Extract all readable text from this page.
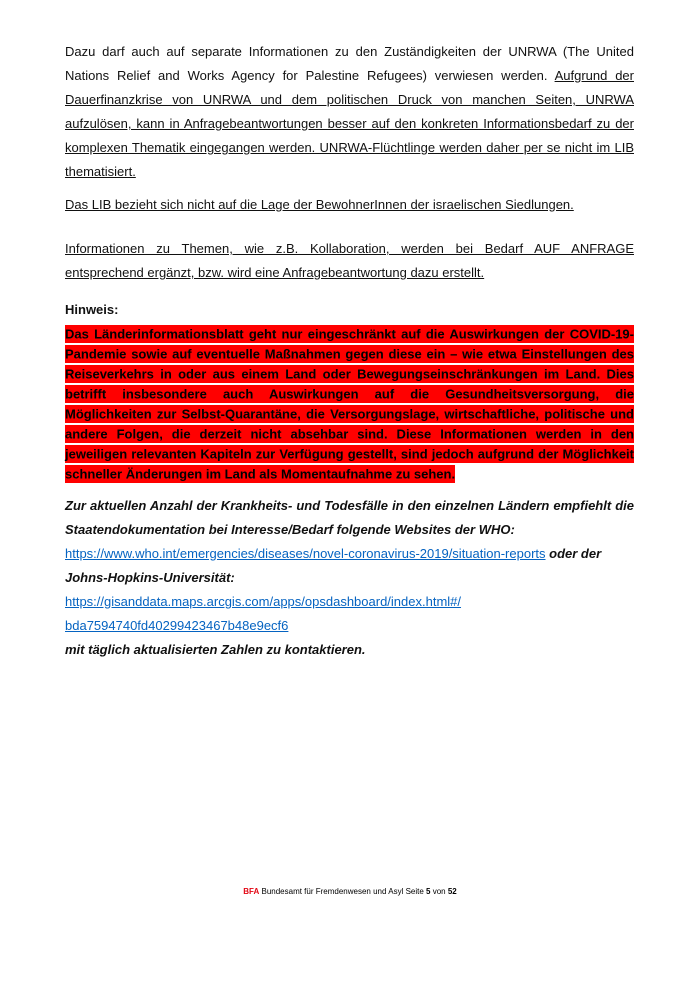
Dazu darf auch auf separate Informationen zu den Zuständigkeiten der UNRWA (The United Nations Relief and Works Agency for Palestine Refugees) verwiesen werden. Aufgrund der Dauerfinanzkrise von UNRWA und dem politischen Druck von manchen Seiten, UNRWA aufzulösen, kann in Anfragebeantwortungen besser auf den konkreten Informationsbedarf zu der komplexen Thematik eingegangen werden. UNRWA-Flüchtlinge werden daher per se nicht im LIB thematisiert.

Das LIB bezieht sich nicht auf die Lage der BewohnerInnen der israelischen Siedlungen.

Informationen zu Themen, wie z.B. Kollaboration, werden bei Bedarf AUF ANFRAGE entsprechend ergänzt, bzw. wird eine Anfragebeantwortung dazu erstellt.

Hinweis:

Das Länderinformationsblatt geht nur eingeschränkt auf die Auswirkungen der COVID-19-Pandemie sowie auf eventuelle Maßnahmen gegen diese ein – wie etwa Einstellungen des Reiseverkehrs in oder aus einem Land oder Bewegungseinschränkungen im Land. Dies betrifft insbesondere auch Auswirkungen auf die Gesundheitsversorgung, die Möglichkeiten zur Selbst-Quarantäne, die Versorgungslage, wirtschaftliche, politische und andere Folgen, die derzeit nicht absehbar sind. Diese Informationen werden in den jeweiligen relevanten Kapiteln zur Verfügung gestellt, sind jedoch aufgrund der Möglichkeit schneller Änderungen im Land als Momentaufnahme zu sehen.

Zur aktuellen Anzahl der Krankheits- und Todesfälle in den einzelnen Ländern empfiehlt die Staatendokumentation bei Interesse/Bedarf folgende Websites der WHO:

https://www.who.int/emergencies/diseases/novel-coronavirus-2019/situation-reports oder der

Johns-Hopkins-Universität:

https://gisanddata.maps.arcgis.com/apps/opsdashboard/index.html#/
bda7594740fd40299423467b48e9ecf6

mit täglich aktualisierten Zahlen zu kontaktieren.

BFA Bundesamt für Fremdenwesen und Asyl Seite 5 von 52
